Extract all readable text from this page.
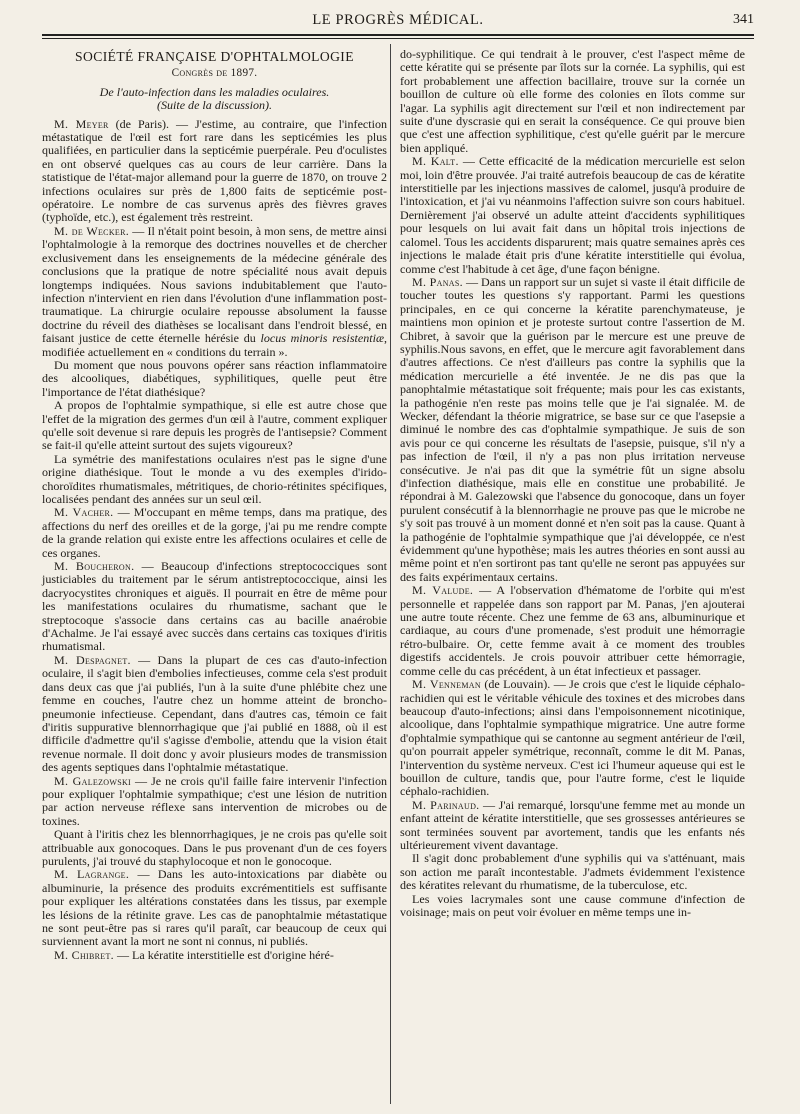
LE PROGRÈS MÉDICAL.	341

SOCIÉTÉ FRANÇAISE D'OPHTALMOLOGIE

Congrès de 1897.

De l'auto-infection dans les maladies oculaires.

(Suite de la discussion).

M. Meyer (de Paris). — J'estime, au contraire, que l'infection métastatique de l'œil est fort rare dans les septicémies les plus qualifiées, en particulier dans la septicémie puerpérale. Peu d'oculistes en ont observé quelques cas au cours de leur carrière. Dans la statistique de l'état-major allemand pour la guerre de 1870, on trouve 2 infections oculaires sur près de 1,800 faits de septicémie post-opératoire. Le nombre de cas survenus après des fièvres graves (typhoïde, etc.), est également très restreint.

M. de Wecker. — Il n'était point besoin, à mon sens, de mettre ainsi l'ophtalmologie à la remorque des doctrines nouvelles et de chercher exclusivement dans les enseignements de la médecine générale des conclusions que la pratique de notre spécialité nous avait depuis longtemps indiquées. Nous savions indubitablement que l'auto-infection n'intervient en rien dans l'évolution d'une inflammation post-traumatique. La chirurgie oculaire repousse absolument la fausse doctrine du réveil des diathèses se localisant dans l'endroit blessé, en faisant justice de cette éternelle hérésie du locus minoris resistentiæ, modifiée actuellement en « conditions du terrain ».

Du moment que nous pouvons opérer sans réaction inflammatoire des alcooliques, diabétiques, syphilitiques, quelle peut être l'importance de l'état diathésique?

A propos de l'ophtalmie sympathique, si elle est autre chose que l'effet de la migration des germes d'un œil à l'autre, comment expliquer qu'elle soit devenue si rare depuis les progrès de l'antisepsie? Comment se fait-il qu'elle atteint surtout des sujets vigoureux?

La symétrie des manifestations oculaires n'est pas le signe d'une origine diathésique. Tout le monde a vu des exemples d'irido-choroïdites rhumatismales, métritiques, de chorio-rétinites spécifiques, localisées pendant des années sur un seul œil.

M. Vacher. — M'occupant en même temps, dans ma pratique, des affections du nerf des oreilles et de la gorge, j'ai pu me rendre compte de la grande relation qui existe entre les affections oculaires et celle de ces organes.

M. Boucheron. — Beaucoup d'infections streptococciques sont justiciables du traitement par le sérum antistreptococcique, ainsi les dacryocystites chroniques et aiguës. Il pourrait en être de même pour les manifestations oculaires du rhumatisme, sachant que le streptocoque s'associe dans certains cas au bacille anaérobie d'Achalme. Je l'ai essayé avec succès dans certains cas toxiques d'iritis rhumatismal.

M. Despagnet. — Dans la plupart de ces cas d'auto-infection oculaire, il s'agit bien d'embolies infectieuses, comme cela s'est produit dans deux cas que j'ai publiés, l'un à la suite d'une phlébite chez une femme en couches, l'autre chez un homme atteint de broncho-pneumonie infectieuse. Cependant, dans d'autres cas, témoin ce fait d'iritis suppurative blennorrhagique que j'ai publié en 1888, où il est difficile d'admettre qu'il s'agisse d'embolie, attendu que la vision était revenue normale. Il doit donc y avoir plusieurs modes de transmission des agents septiques dans l'ophtalmie métastatique.

M. Galezowski — Je ne crois qu'il faille faire intervenir l'infection pour expliquer l'ophtalmie sympathique; c'est une lésion de nutrition par action nerveuse réflexe sans intervention de microbes ou de toxines.

Quant à l'iritis chez les blennorrhagiques, je ne crois pas qu'elle soit attribuable aux gonocoques. Dans le pus provenant d'un de ces foyers purulents, j'ai trouvé du staphylocoque et non le gonocoque.

M. Lagrange. — Dans les auto-intoxications par diabète ou albuminurie, la présence des produits excrémentitiels est suffisante pour expliquer les altérations constatées dans les tissus, par exemple les lésions de la rétinite grave. Les cas de panophtalmie métastatique ne sont peut-être pas si rares qu'il paraît, car beaucoup de ceux qui surviennent avant la mort ne sont ni connus, ni publiés.

M. Chibret. — La kératite interstitielle est d'origine héré-

do-syphilitique. Ce qui tendrait à le prouver, c'est l'aspect même de cette kératite qui se présente par îlots sur la cornée. La syphilis, qui est fort probablement une affection bacillaire, trouve sur la cornée un bouillon de culture où elle forme des colonies en îlots comme sur l'agar. La syphilis agit directement sur l'œil et non indirectement par suite d'une dyscrasie qui en serait la conséquence. Ce qui prouve bien que c'est une affection syphilitique, c'est qu'elle guérit par le mercure bien appliqué.

M. Kalt. — Cette efficacité de la médication mercurielle est selon moi, loin d'être prouvée. J'ai traité autrefois beaucoup de cas de kératite interstitielle par les injections massives de calomel, jusqu'à produire de l'intoxication, et j'ai vu néanmoins l'affection suivre son cours habituel. Dernièrement j'ai observé un adulte atteint d'accidents syphilitiques pour lesquels on lui avait fait dans un hôpital trois injections de calomel. Tous les accidents disparurent; mais quatre semaines après ces injections le malade était pris d'une kératite interstitielle qui évolua, comme c'est l'habitude à cet âge, d'une façon bénigne.

M. Panas. — Dans un rapport sur un sujet si vaste il était difficile de toucher toutes les questions s'y rapportant. Parmi les questions principales, en ce qui concerne la kératite parenchymateuse, je maintiens mon opinion et je proteste surtout contre l'assertion de M. Chibret, à savoir que la guérison par le mercure est une preuve de syphilis.Nous savons, en effet, que le mercure agit favorablement dans d'autres affections. Ce n'est d'ailleurs pas contre la syphilis que la médication mercurielle a été inventée. Je ne dis pas que la panophtalmie métastatique soit fréquente; mais pour les cas existants, la pathogénie n'en reste pas moins telle que je l'ai signalée. M. de Wecker, défendant la théorie migratrice, se base sur ce que l'asepsie a diminué le nombre des cas d'ophtalmie sympathique. Je suis de son avis pour ce qui concerne les résultats de l'asepsie, puisque, s'il n'y a pas infection de l'œil, il n'y a pas non plus irritation nerveuse consécutive. Je n'ai pas dit que la symétrie fût un signe absolu d'infection diathésique, mais elle en constitue une probabilité. Je répondrai à M. Galezowski que l'absence du gonocoque, dans un foyer purulent consécutif à la blennorrhagie ne prouve pas que le microbe ne s'y soit pas trouvé à un moment donné et n'en soit pas la cause. Quant à la pathogénie de l'ophtalmie sympathique que j'ai développée, ce n'est évidemment qu'une hypothèse; mais les autres théories en sont aussi au même point et n'en sortiront pas tant qu'elle ne seront pas appuyées sur des faits expérimentaux certains.

M. Valude. — A l'observation d'hématome de l'orbite qui m'est personnelle et rappelée dans son rapport par M. Panas, j'en ajouterai une autre toute récente. Chez une femme de 63 ans, albuminurique et cardiaque, au cours d'une promenade, s'est produit une hémorragie rétro-bulbaire. Or, cette femme avait à ce moment des troubles digestifs accidentels. Je crois pouvoir attribuer cette hémorragie, comme celle du cas précédent, à un état infectieux et passager.

M. Venneman (de Louvain). — Je crois que c'est le liquide céphalo-rachidien qui est le véritable véhicule des toxines et des microbes dans beaucoup d'auto-infections; ainsi dans l'empoisonnement nicotinique, alcoolique, dans l'ophtalmie sympathique migratrice. Une autre forme d'ophtalmie sympathique qui se cantonne au segment antérieur de l'œil, qu'on pourrait appeler symétrique, reconnaît, comme le dit M. Panas, l'intervention du système nerveux. C'est ici l'humeur aqueuse qui est le bouillon de culture, tandis que, pour l'autre forme, c'est le liquide céphalo-rachidien.

M. Parinaud. — J'ai remarqué, lorsqu'une femme met au monde un enfant atteint de kératite interstitielle, que ses grossesses antérieures se sont terminées souvent par avortement, tandis que les enfants nés ultérieurement vivent davantage.

Il s'agit donc probablement d'une syphilis qui va s'atténuant, mais son action me paraît incontestable. J'admets évidemment l'existence des kératites relevant du rhumatisme, de la tuberculose, etc.

Les voies lacrymales sont une cause commune d'infection de voisinage; mais on peut voir évoluer en même temps une in-
